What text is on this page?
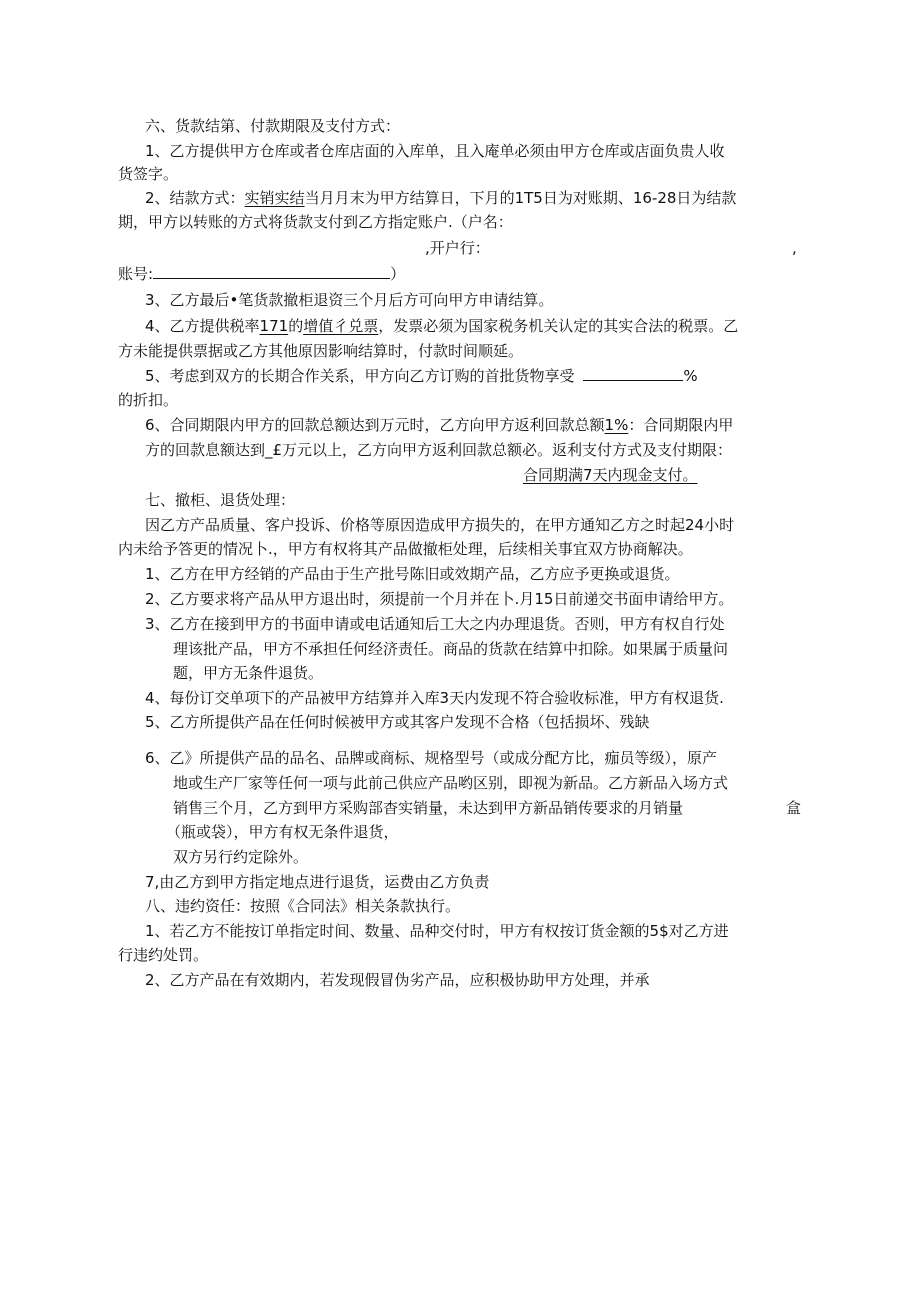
六、货款结第、付款期限及支付方式：
1、乙方提供甲方仓库或者仓库店面的入库单，且入庵单必须由甲方仓库或店面负贵人收
货签字。
2、结款方式：实销实结当月月末为甲方结算日，下月的1T5日为对账期、16-28日为结款
期，甲方以转账的方式将货款支付到乙方指定账户.（户名：
,开户行：	,
账号:	）
3、乙方最后•笔货款撤柜退资三个月后方可向甲方申请结算。
4、乙方提供税率171的增值彳兑票，发票必须为国家税务机关认定的其实合法的税票。乙
方未能提供票据或乙方其他原因影响结算时，付款时间顺延。
5、考虑到双方的长期合作关系，甲方向乙方订购的首批货物享受	%
的折扣。
6、合同期限内甲方的回款总额达到万元时，乙方向甲方返利回款总额1%：合同期限内甲
方的回款息额达到_£万元以上，乙方向甲方返利回款总额必。返利支付方式及支付期限：
合同期满7天内现金支付。
七、撤柜、退货处理：
因乙方产品质量、客户投诉、价格等原因造成甲方损失的，在甲方通知乙方之时起24小时
内未给予答更的情况卜.，甲方有权将其产品做撤柜处理，后续相关事宜双方协商解决。
1、乙方在甲方经销的产品由于生产批号陈旧或效期产品，乙方应予更换或退货。
2、乙方要求将产品从甲方退出时，须提前一个月并在卜.月15日前递交书面申请给甲方。
3、乙方在接到甲方的书面申请或电话通知后工大之内办理退货。否则，甲方有权自行处
理该批产品，甲方不承担任何经济责任。商品的货款在结算中扣除。如果属于质量问
题，甲方无条件退货。
4、每份订交单项下的产品被甲方结算并入库3天内发现不符合验收标准，甲方有权退货.
5、乙方所提供产品在任何时候被甲方或其客户发现不合格（包括损坏、残缺
6、乙》所提供产品的品名、品牌或商标、规格型号（或成分配方比，痂员等级），原产
地或生产厂家等任何一项与此前己供应产品哟区别，即视为新品。乙方新品入场方式
销售三个月，乙方到甲方采购部杳实销量，未达到甲方新品销传要求的月销量	盒
（瓶或袋），甲方有权无条件退货，
双方另行约定除外。
7,由乙方到甲方指定地点进行退货，运费由乙方负责
八、违约资任：按照《合同法》相关条款执行。
1、若乙方不能按订单指定时间、数量、品种交付时，甲方有权按订货金额的5$对乙方进
行违约处罚。
2、乙方产品在有效期内，若发现假冒伪劣产品，应积极协助甲方处理，并承
